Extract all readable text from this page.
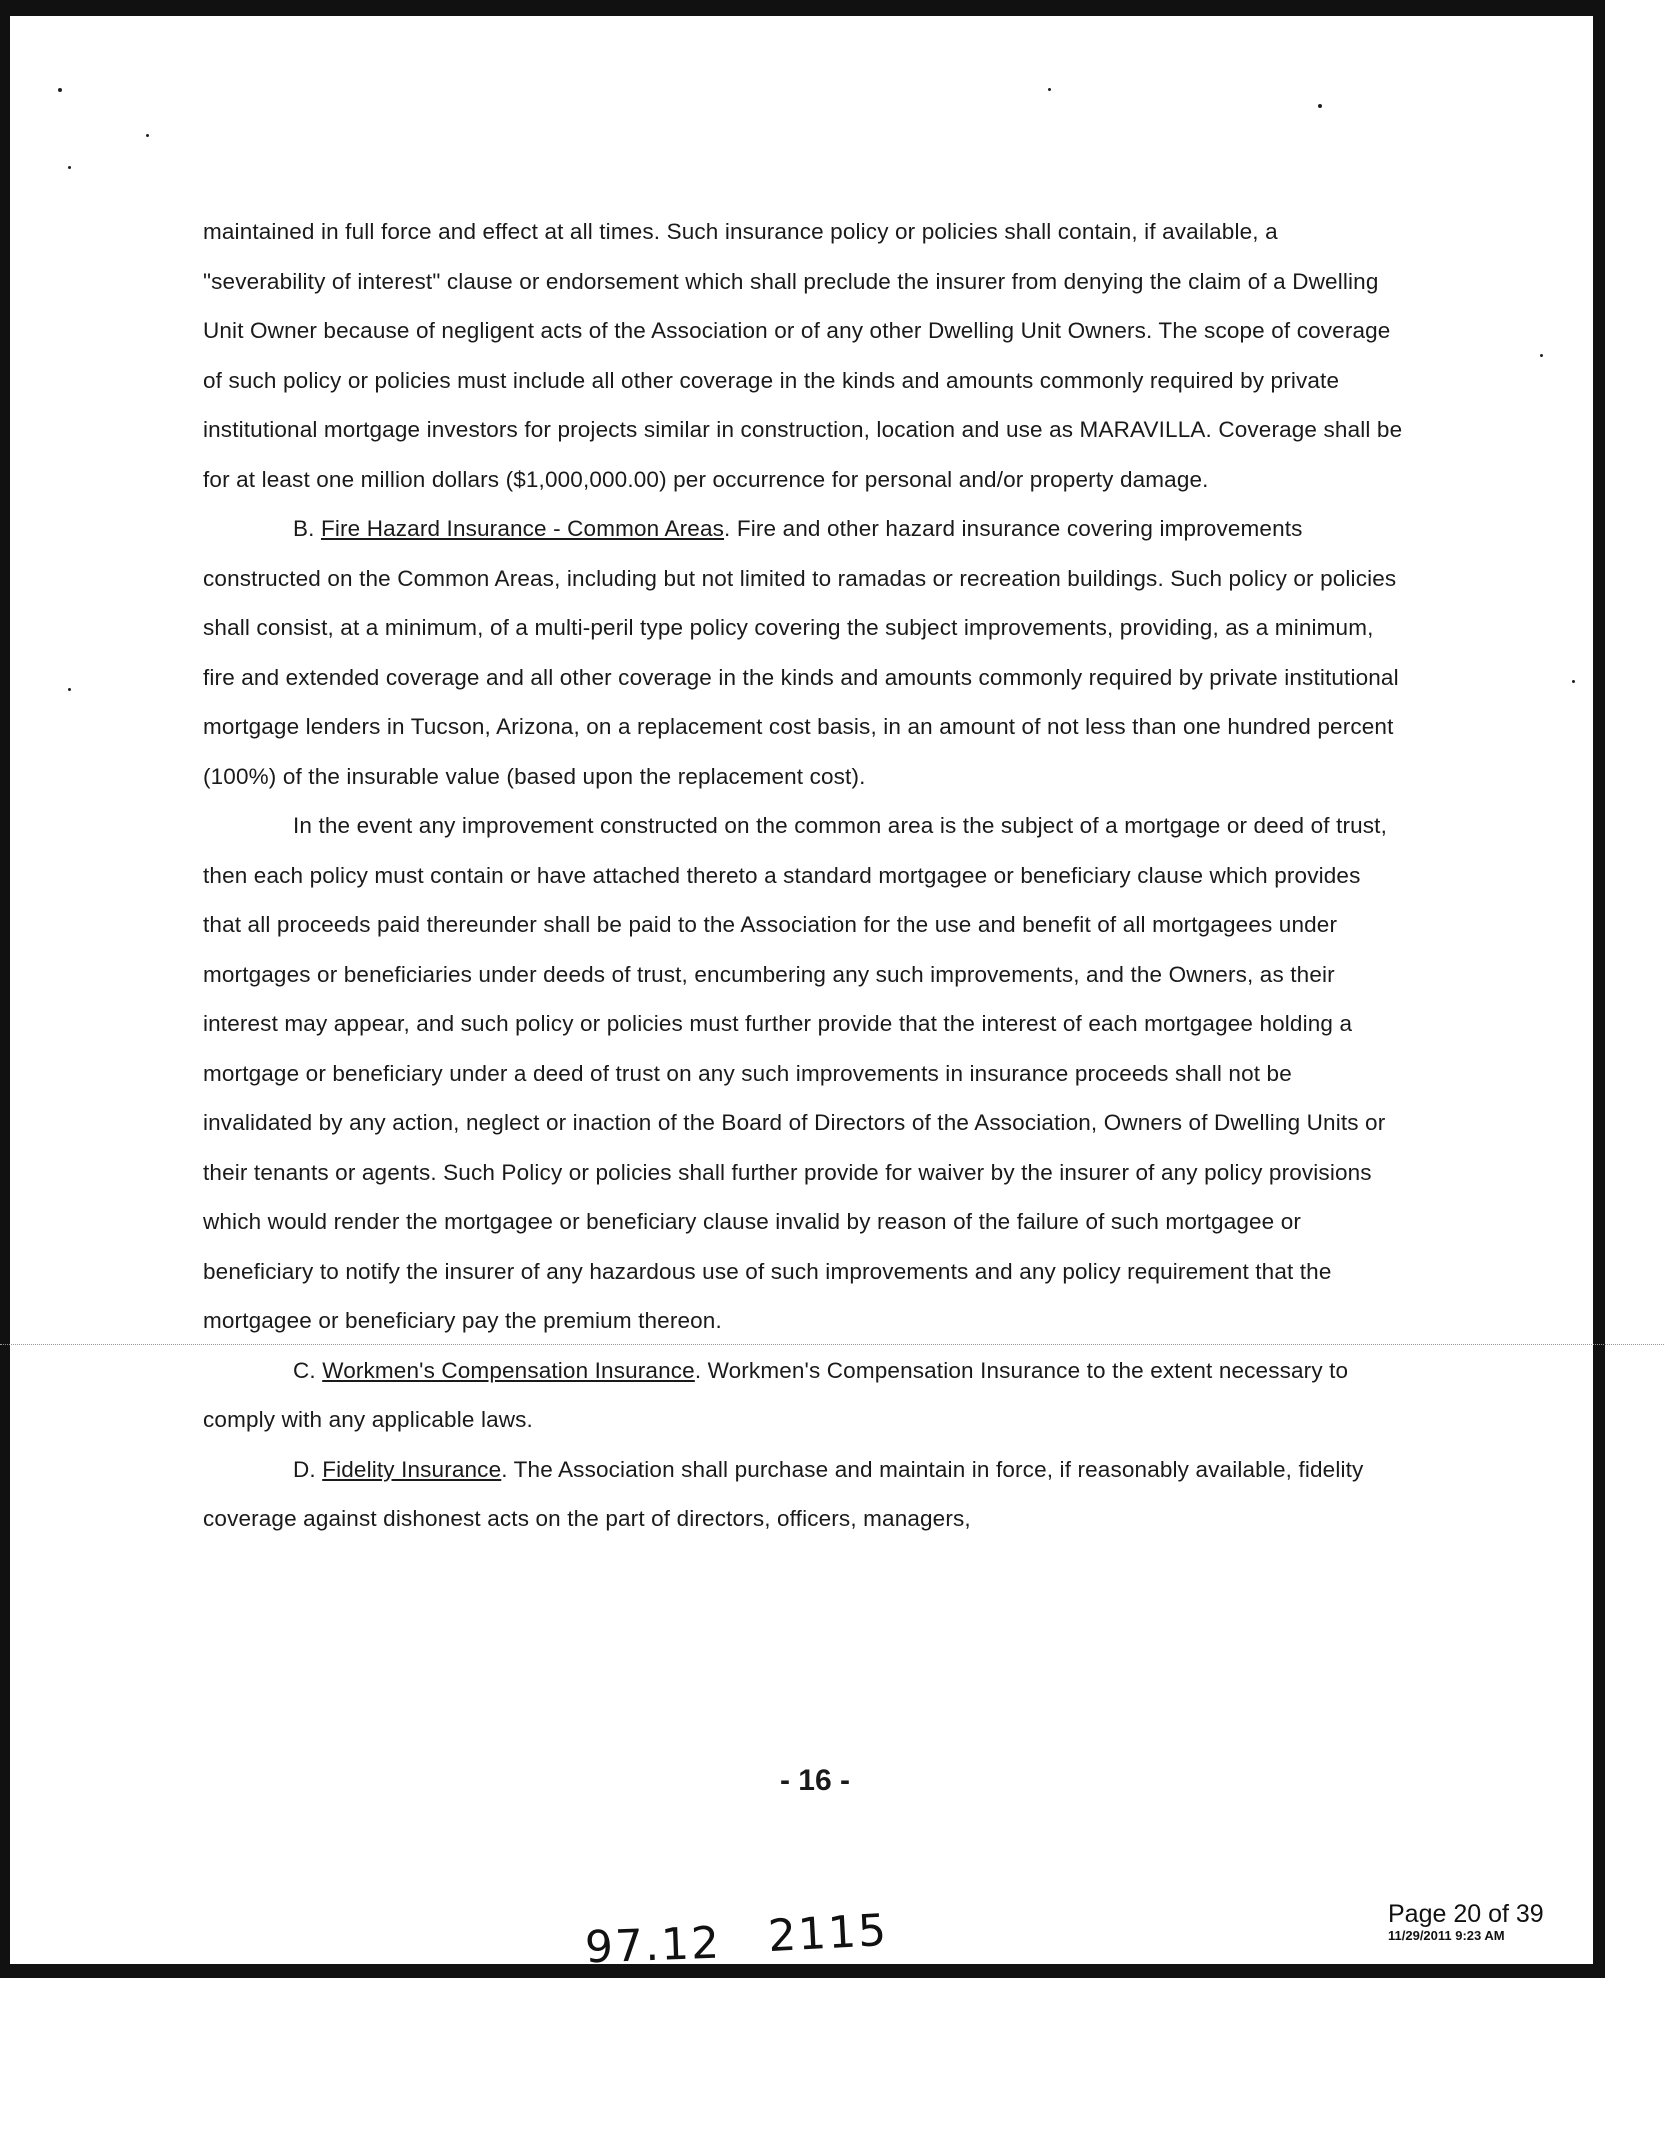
maintained in full force and effect at all times. Such insurance policy or policies shall contain, if available, a "severability of interest" clause or endorsement which shall preclude the insurer from denying the claim of a Dwelling Unit Owner because of negligent acts of the Association or of any other Dwelling Unit Owners. The scope of coverage of such policy or policies must include all other coverage in the kinds and amounts commonly required by private institutional mortgage investors for projects similar in construction, location and use as MARAVILLA. Coverage shall be for at least one million dollars ($1,000,000.00) per occurrence for personal and/or property damage.

B. Fire Hazard Insurance - Common Areas. Fire and other hazard insurance covering improvements constructed on the Common Areas, including but not limited to ramadas or recreation buildings. Such policy or policies shall consist, at a minimum, of a multi-peril type policy covering the subject improvements, providing, as a minimum, fire and extended coverage and all other coverage in the kinds and amounts commonly required by private institutional mortgage lenders in Tucson, Arizona, on a replacement cost basis, in an amount of not less than one hundred percent (100%) of the insurable value (based upon the replacement cost).

In the event any improvement constructed on the common area is the subject of a mortgage or deed of trust, then each policy must contain or have attached thereto a standard mortgagee or beneficiary clause which provides that all proceeds paid thereunder shall be paid to the Association for the use and benefit of all mortgagees under mortgages or beneficiaries under deeds of trust, encumbering any such improvements, and the Owners, as their interest may appear, and such policy or policies must further provide that the interest of each mortgagee holding a mortgage or beneficiary under a deed of trust on any such improvements in insurance proceeds shall not be invalidated by any action, neglect or inaction of the Board of Directors of the Association, Owners of Dwelling Units or their tenants or agents. Such Policy or policies shall further provide for waiver by the insurer of any policy provisions which would render the mortgagee or beneficiary clause invalid by reason of the failure of such mortgagee or beneficiary to notify the insurer of any hazardous use of such improvements and any policy requirement that the mortgagee or beneficiary pay the premium thereon.

C. Workmen's Compensation Insurance. Workmen's Compensation Insurance to the extent necessary to comply with any applicable laws.

D. Fidelity Insurance. The Association shall purchase and maintain in force, if reasonably available, fidelity coverage against dishonest acts on the part of directors, officers, managers,

- 16 -
97.12 2115	Page 20 of 39
11/29/2011 9:23 AM
